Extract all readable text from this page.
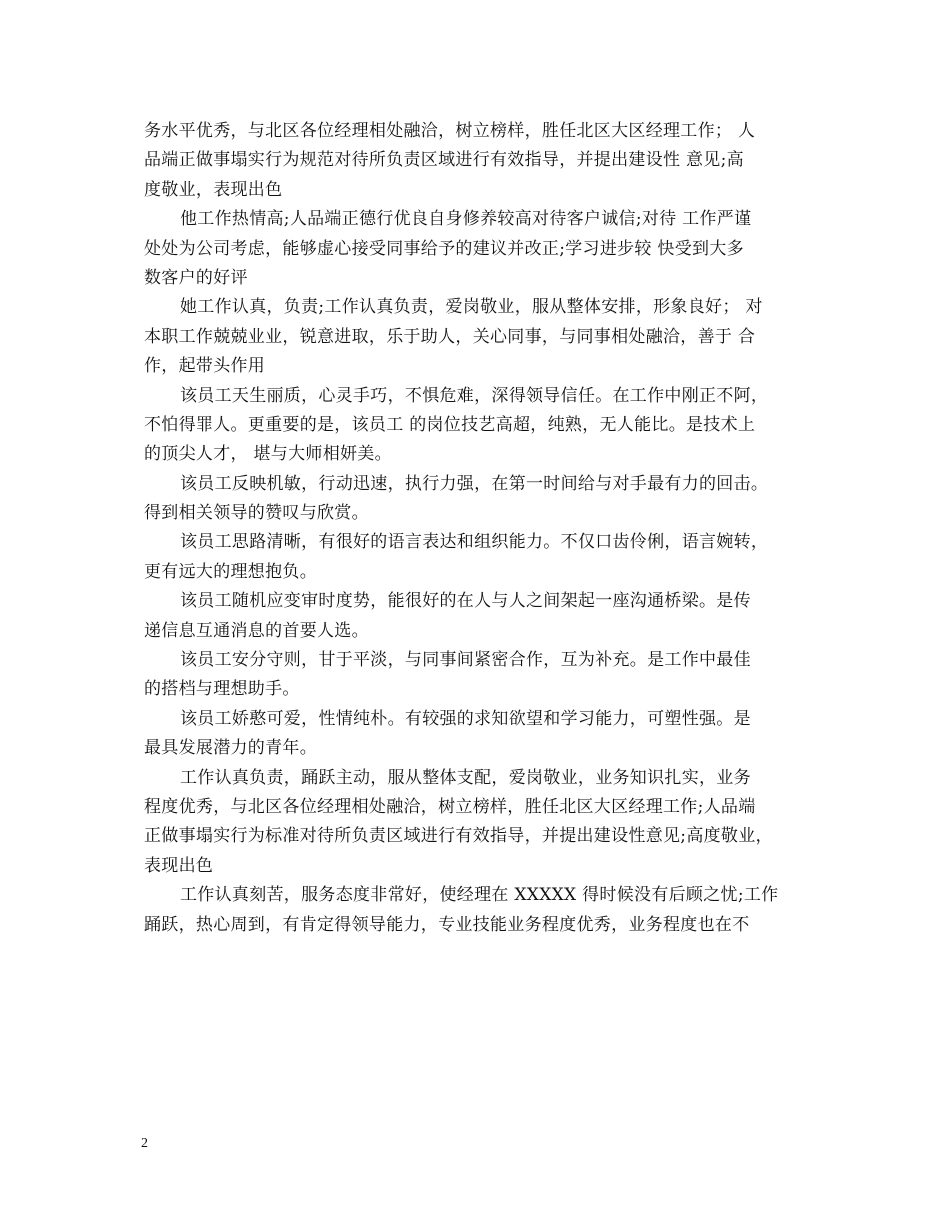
务水平优秀，与北区各位经理相处融洽，树立榜样，胜任北区大区经理工作； 人
品端正做事塌实行为规范对待所负责区域进行有效指导，并提出建设性 意见;高
度敬业，表现出色
他工作热情高;人品端正德行优良自身修养较高对待客户诚信;对待 工作严谨
处处为公司考虑，能够虚心接受同事给予的建议并改正;学习进步较 快受到大多
数客户的好评
她工作认真，负责;工作认真负责，爱岗敬业，服从整体安排，形象良好； 对
本职工作兢兢业业，锐意进取，乐于助人，关心同事，与同事相处融洽，善于 合
作，起带头作用
该员工天生丽质，心灵手巧，不惧危难，深得领导信任。在工作中刚正不阿，
不怕得罪人。更重要的是，该员工 的岗位技艺高超，纯熟，无人能比。是技术上
的顶尖人才， 堪与大师相妍美。
该员工反映机敏，行动迅速，执行力强，在第一时间给与对手最有力的回击。
得到相关领导的赞叹与欣赏。
该员工思路清晰，有很好的语言表达和组织能力。不仅口齿伶俐，语言婉转，
更有远大的理想抱负。
该员工随机应变审时度势，能很好的在人与人之间架起一座沟通桥梁。是传
递信息互通消息的首要人选。
该员工安分守则，甘于平淡，与同事间紧密合作，互为补充。是工作中最佳
的搭档与理想助手。
该员工娇憨可爱，性情纯朴。有较强的求知欲望和学习能力，可塑性强。是
最具发展潜力的青年。
工作认真负责，踊跃主动，服从整体支配，爱岗敬业，业务知识扎实，业务
程度优秀，与北区各位经理相处融洽，树立榜样，胜任北区大区经理工作;人品端
正做事塌实行为标准对待所负责区域进行有效指导，并提出建设性意见;高度敬业，
表现出色
工作认真刻苦，服务态度非常好，使经理在 XXXXX 得时候没有后顾之忧;工作
踊跃，热心周到，有肯定得领导能力，专业技能业务程度优秀，业务程度也在不
2
